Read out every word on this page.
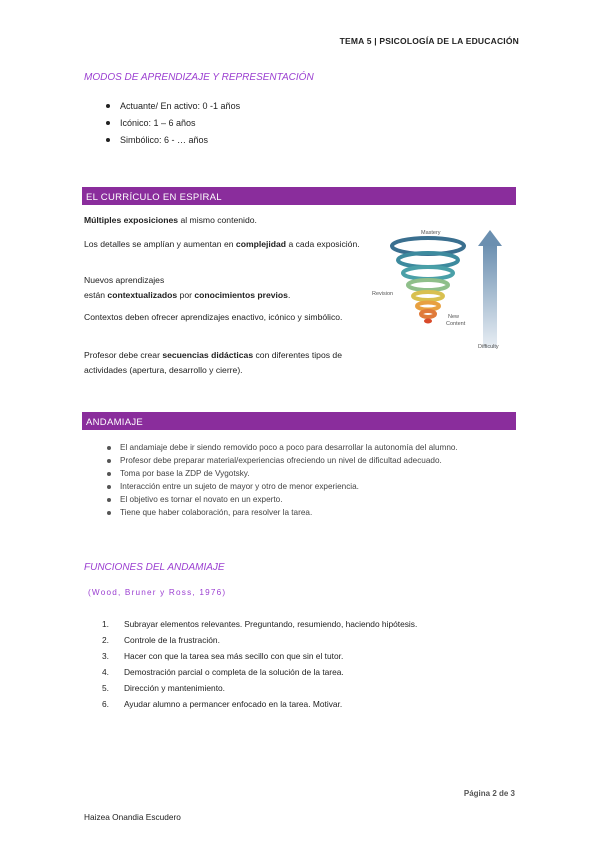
TEMA 5 | PSICOLOGÍA DE LA EDUCACIÓN
MODOS DE APRENDIZAJE Y REPRESENTACIÓN
Actuante/ En activo: 0 -1 años
Icónico: 1 – 6 años
Simbólico: 6 - … años
EL CURRÍCULO EN ESPIRAL
Múltiples exposiciones al mismo contenido.
Los detalles se amplían y aumentan en complejidad a cada exposición.
Nuevos aprendizajes
están contextualizados por conocimientos previos.
Contextos deben ofrecer aprendizajes enactivo, icónico y simbólico.
Profesor debe crear secuencias didácticas con diferentes tipos de actividades (apertura, desarrollo y cierre).
Mastery
Revision
New
Content
Difficulty
ANDAMIAJE
El andamiaje debe ir siendo removido poco a poco para desarrollar la autonomía del alumno.
Profesor debe preparar material/experiencias ofreciendo un nivel de dificultad adecuado.
Toma por base la ZDP de Vygotsky.
Interacción entre un sujeto de mayor y otro de menor experiencia.
El objetivo es tornar el novato en un experto.
Tiene que haber colaboración, para resolver la tarea.
FUNCIONES DEL ANDAMIAJE
(Wood, Bruner y Ross, 1976)
1. Subrayar elementos relevantes. Preguntando, resumiendo, haciendo hipótesis.
2. Controle de la frustración.
3. Hacer con que la tarea sea más secillo con que sin el tutor.
4. Demostración parcial o completa de la solución de la tarea.
5. Dirección y mantenimiento.
6. Ayudar alumno a permancer enfocado en la tarea. Motivar.
Página 2 de 3
Haizea Onandia Escudero
